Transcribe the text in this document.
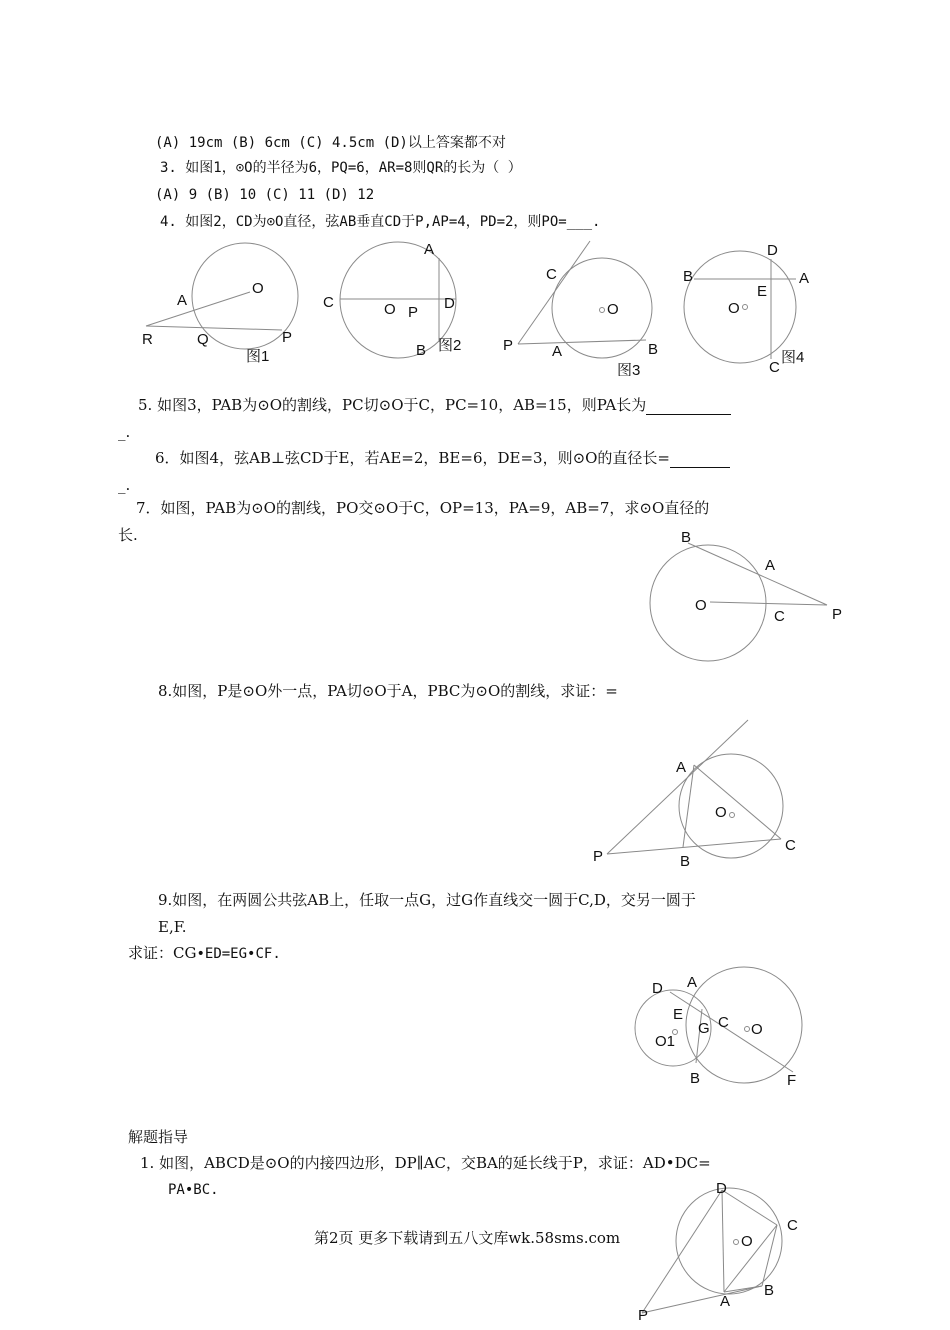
(A) 19cm (B) 6cm (C) 4.5cm (D)以上答案都不对
3. 如图1，⊙O的半径为6，PQ=6，AR=8则QR的长为（ ）
(A) 9 (B) 10 (C) 11 (D) 12
4. 如图2，CD为⊙O直径，弦AB垂直CD于P,AP=4，PD=2，则PO=___.
A
O
R	Q	P
图1
A
C	O P
D
B 图2
C
O
P	A	B
图3
D
B	A
E
O
C
图4
5. 如图3，PAB为⊙O的割线，PC切⊙O于C，PC=10，AB=15，则PA长为
_.
6．如图4，弦AB⊥弦CD于E，若AE=2，BE=6，DE=3，则⊙O的直径长=
_.
7．如图，PAB为⊙O的割线，PO交⊙O于C，OP=13，PA=9，AB=7，求⊙O直径的
长.	B
A
O
C	P
8.如图，P是⊙O外一点，PA切⊙O于A，PBC为⊙O的割线，求证：=
A
O
C
P	B
9.如图，在两圆公共弦AB上，任取一点G，过G作直线交一圆于C,D，交另一圆于
E,F.
求证：CG•ED=EG•CF.
D A
E C
G	O
O1
B	F
解题指导
1. 如图，ABCD是⊙O的内接四边形，DP∥AC，交BA的延长线于P，求证：AD•DC=
PA•BC.
第2页 更多下载请到五八文库wk.58sms.com
D
C
O
P
A
B
